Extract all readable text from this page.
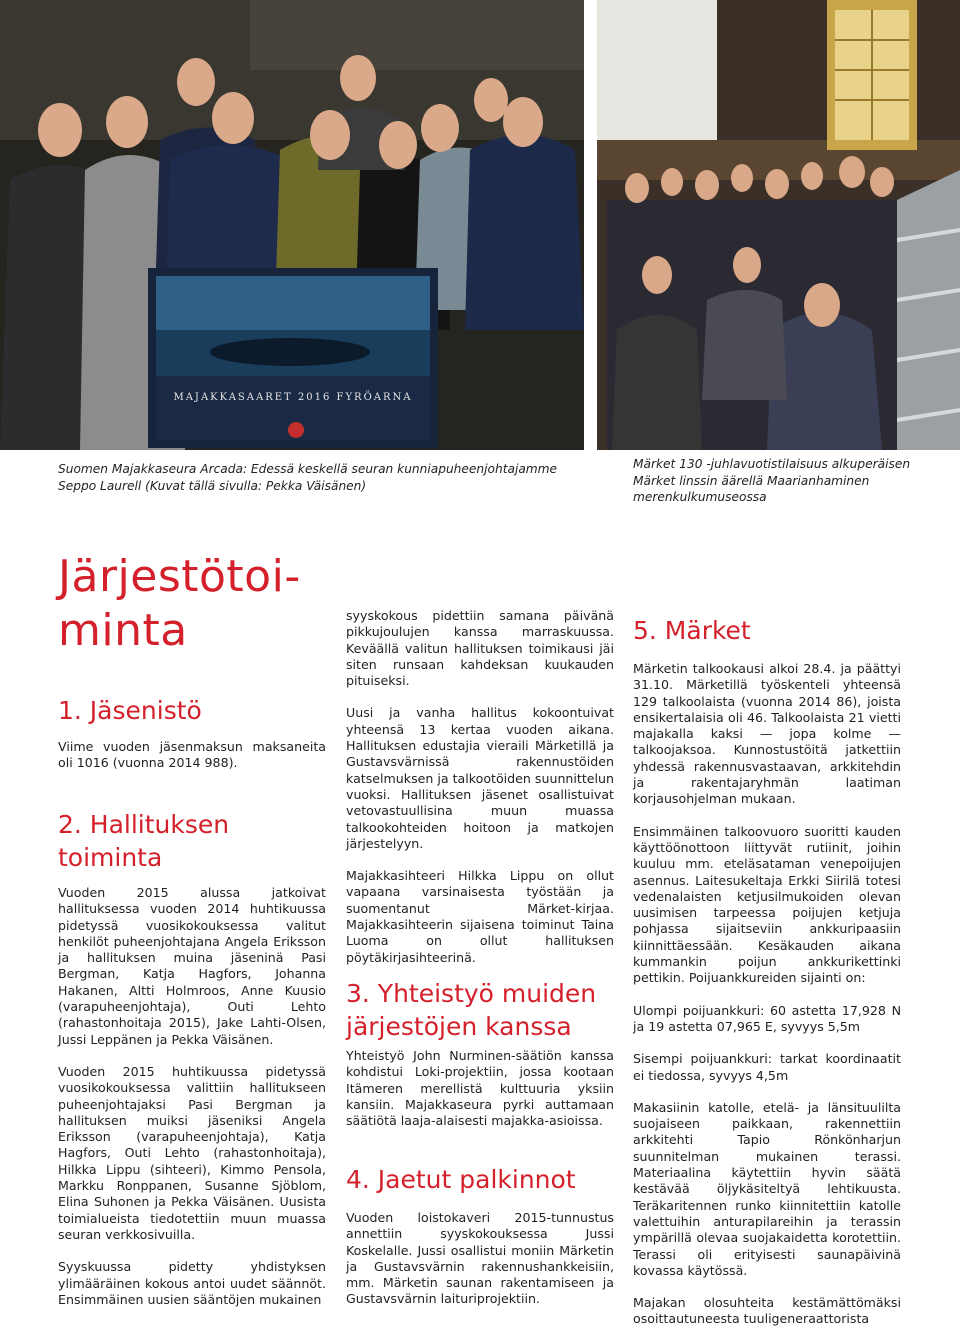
MAJAKKASAARET 2016 FYRÖARNA
Suomen Majakkaseura Arcada: Edessä keskellä seuran kunniapuheenjohtajamme Seppo Laurell (Kuvat tällä sivulla: Pekka Väisänen)
Märket 130 -juhlavuotistilaisuus alkuperäisen Märket linssin äärellä Maarianhaminen merenkulkumuseossa
Järjestötoi-
minta
1. Jäsenistö

Viime vuoden jäsenmaksun maksaneita oli 1016 (vuonna 2014 988).

2. Hallituksen
toiminta
Vuoden 2015 alussa jatkoivat hallituksessa vuoden 2014 huhtikuussa pidetyssä vuosikokouksessa valitut henkilöt puheenjohtajana Angela Eriksson ja hallituksen muina jäseninä Pasi Bergman, Katja Hagfors, Johanna Hakanen, Altti Holmroos, Anne Kuusio (varapuheenjohtaja), Outi Lehto (rahastonhoitaja 2015), Jake Lahti-Olsen, Jussi Leppänen ja Pekka Väisänen.
Vuoden 2015 huhtikuussa pidetyssä vuosikokouksessa valittiin hallitukseen puheenjohtajaksi Pasi Bergman ja hallituksen muiksi jäseniksi Angela Eriksson (varapuheenjohtaja), Katja Hagfors, Outi Lehto (rahastonhoitaja), Hilkka Lippu (sihteeri), Kimmo Pensola, Markku Ronppanen, Susanne Sjöblom, Elina Suhonen ja Pekka Väisänen. Uusista toimialueista tiedotettiin muun muassa seuran verkkosivuilla.
Syyskuussa pidetty yhdistyksen ylimääräinen kokous antoi uudet säännöt. Ensimmäinen uusien sääntöjen mukainen
syyskokous pidettiin samana päivänä pikkujoulujen kanssa marraskuussa. Keväällä valitun hallituksen toimikausi jäi siten runsaan kahdeksan kuukauden pituiseksi.
Uusi ja vanha hallitus kokoontuivat yhteensä 13 kertaa vuoden aikana. Hallituksen edustajia vieraili Märketillä ja Gustavsvärnissä rakennustöiden katselmuksen ja talkootöiden suunnittelun vuoksi. Hallituksen jäsenet osallistuivat vetovastuullisina muun muassa talkookohteiden hoitoon ja matkojen järjestelyyn.
Majakkasihteeri Hilkka Lippu on ollut vapaana varsinaisesta työstään ja suomentanut Märket-kirjaa. Majakkasihteerin sijaisena toiminut Taina Luoma on ollut hallituksen pöytäkirjasihteerinä.
3. Yhteistyö muiden
järjestöjen kanssa

Yhteistyö John Nurminen-säätiön kanssa kohdistui Loki-projektiin, jossa kootaan Itämeren merellistä kulttuuria yksiin kansiin. Majakkaseura pyrki auttamaan säätiötä laaja-alaisesti majakka-asioissa.

4. Jaetut palkinnot

Vuoden loistokaveri 2015-tunnustus annettiin syyskokouksessa Jussi Koskelalle. Jussi osallistui moniin Märketin ja Gustavsvärnin rakennushankkeisiin, mm. Märketin saunan rakentamiseen ja Gustavsvärnin laituriprojektiin.

5. Märket
Märketin talkookausi alkoi 28.4. ja päättyi 31.10. Märketillä työskenteli yhteensä 129 talkoolaista (vuonna 2014 86), joista ensikertalaisia oli 46. Talkoolaista 21 vietti majakalla kaksi — jopa kolme — talkoojaksoa. Kunnostustöitä jatkettiin yhdessä rakennusvastaavan, arkkitehdin ja rakentajaryhmän laatiman korjausohjelman mukaan.
Ensimmäinen talkoovuoro suoritti kauden käyttöönottoon liittyvät rutiinit, joihin kuuluu mm. eteläsataman venepoijujen asennus. Laitesukeltaja Erkki Siirilä totesi vedenalaisten ketjusilmukoiden olevan uusimisen tarpeessa poijujen ketjuja pohjassa sijaitseviin ankkuripaasiin kiinnittäessään. Kesäkauden aikana kummankin poijun ankkurikettinki pettikin. Poijuankkureiden sijainti on:
Ulompi poijuankkuri: 60 astetta 17,928 N ja 19 astetta 07,965 E, syvyys 5,5m
Sisempi poijuankkuri: tarkat koordinaatit ei tiedossa, syvyys 4,5m
Makasiinin katolle, etelä- ja länsituulilta suojaiseen paikkaan, rakennettiin arkkitehti Tapio Rönkönharjun suunnitelman mukainen terassi. Materiaalina käytettiin hyvin säätä kestävää öljykäsiteltyä lehtikuusta. Teräkaritennen runko kiinnitettiin katolle valettuihin anturapilareihin ja terassin ympärillä olevaa suojakaidetta korotettiin. Terassi oli erityisesti saunapäivinä kovassa käytössä.
Majakan olosuhteita kestämättömäksi osoittautuneesta tuuligeneraattorista
